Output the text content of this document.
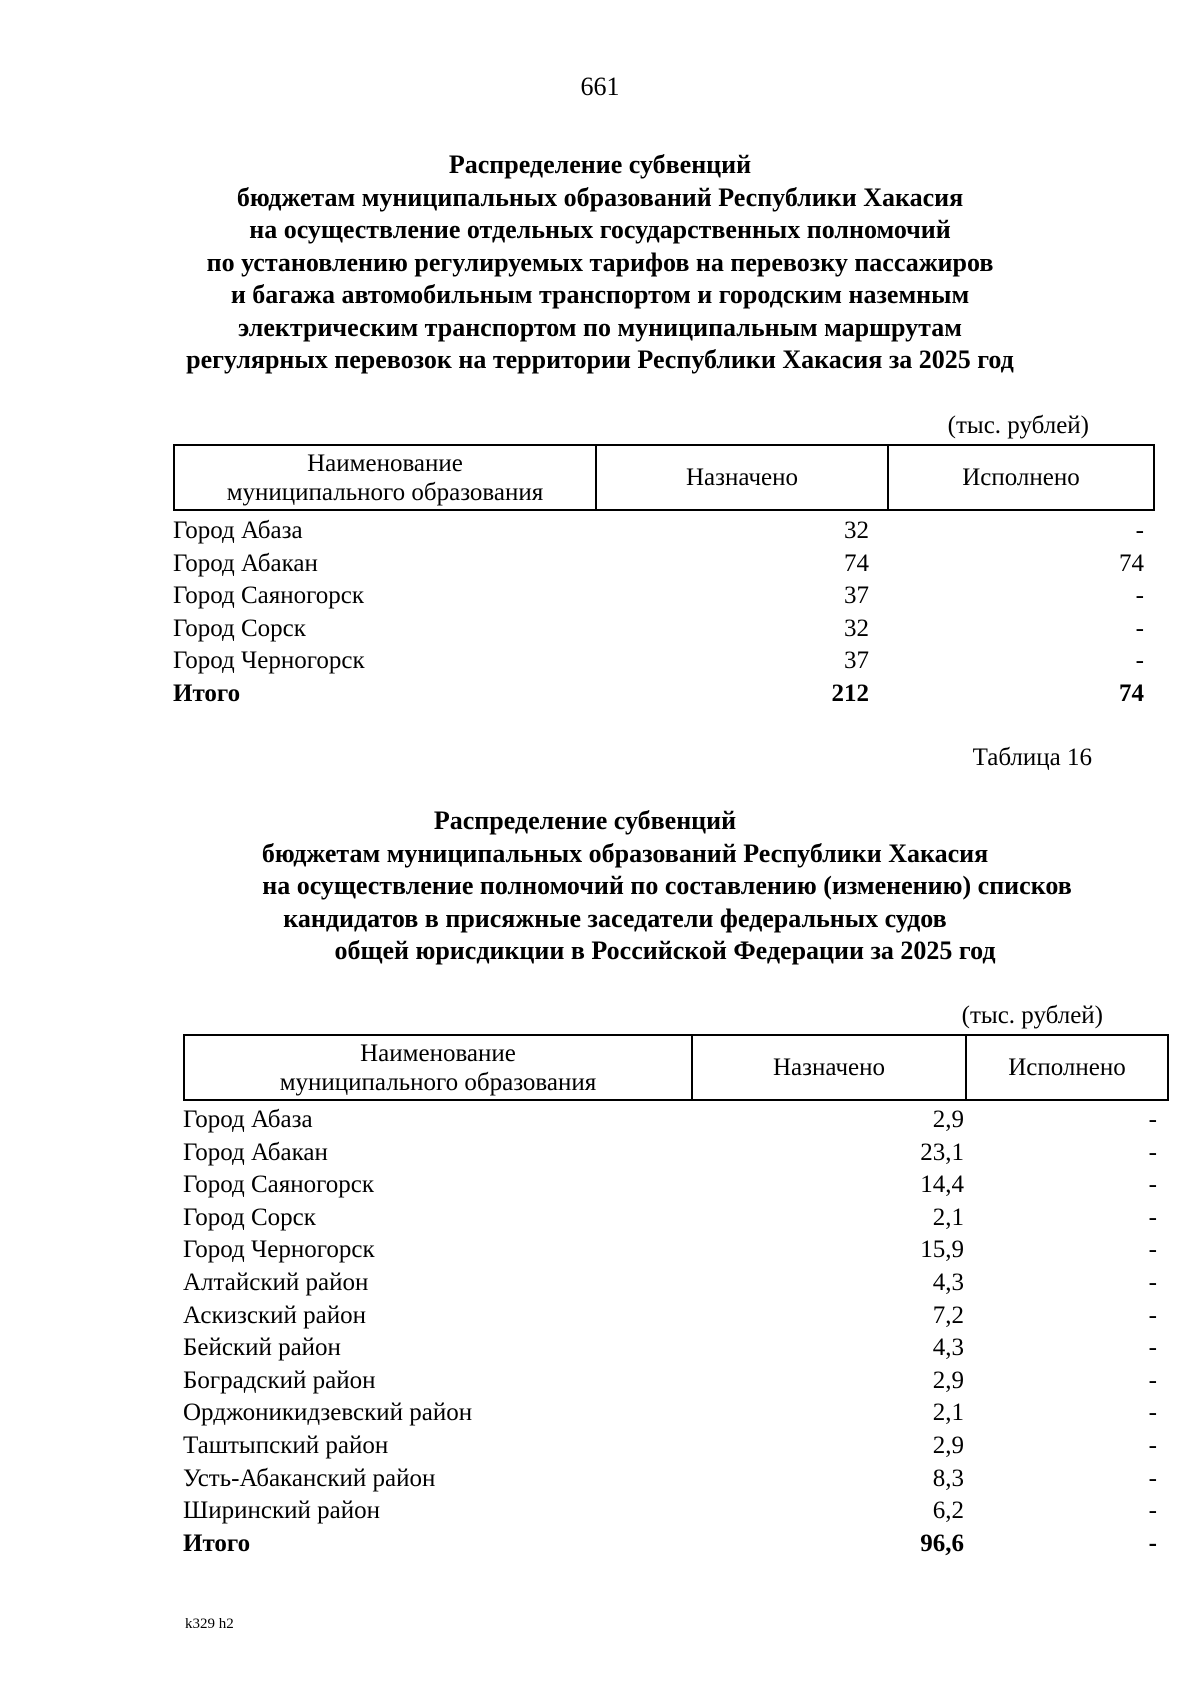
661
Распределение субвенций
бюджетам муниципальных образований Республики Хакасия
на осуществление отдельных государственных полномочий
по установлению регулируемых тарифов на перевозку пассажиров
и багажа автомобильным транспортом и городским наземным
электрическим транспортом по муниципальным маршрутам
регулярных перевозок на территории Республики Хакасия за 2025 год
(тыс. рублей)
Наименование
муниципального образования
	Назначено	Исполнено
Город Абаза	32	-
Город Абакан	74	74
Город Саяногорск	37	-
Город Сорск	32	-
Город Черногорск	37	-
Итого	212	74
Таблица 16
Распределение субвенций
бюджетам муниципальных образований Республики Хакасия
на осуществление полномочий по составлению (изменению) списков
кандидатов в присяжные заседатели федеральных судов
общей юрисдикции в Российской Федерации за 2025 год
(тыс. рублей)
Наименование
муниципального образования
	Назначено	Исполнено
Город Абаза	2,9	-
Город Абакан	23,1	-
Город Саяногорск	14,4	-
Город Сорск	2,1	-
Город Черногорск	15,9	-
Алтайский район	4,3	-
Аскизский район	7,2	-
Бейский район	4,3	-
Боградский район	2,9	-
Орджоникидзевский район	2,1	-
Таштыпский район	2,9	-
Усть-Абаканский район	8,3	-
Ширинский район	6,2	-
Итого	96,6	-
k329 h2
